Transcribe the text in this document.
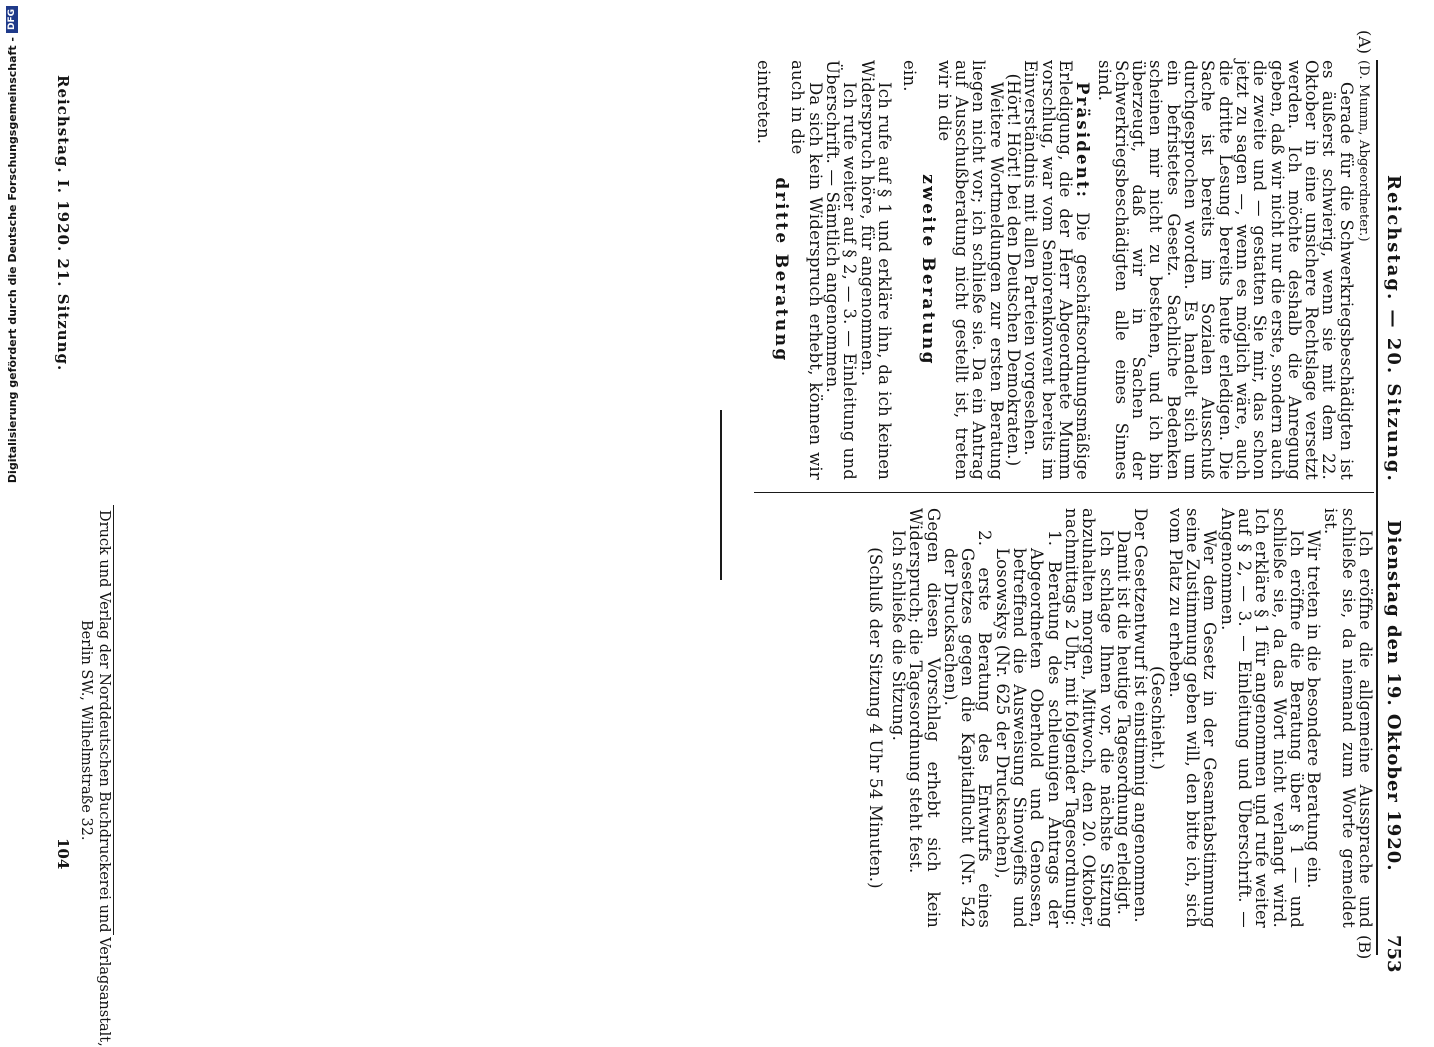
Reichstag. — 20. Sitzung.
Dienstag den 19. Oktober 1920.
753
(A)
(B)

(D. Mumm, Abgeordneter.)

Gerade für die Schwerkriegsbeschädigten ist es äußerst schwierig, wenn sie mit dem 22. Oktober in eine unsichere Rechtslage versetzt werden. Ich möchte deshalb die Anregung geben, daß wir nicht nur die erste, sondern auch die zweite und — gestatten Sie mir, das schon jetzt zu sagen —, wenn es möglich wäre, auch die dritte Lesung bereits heute erledigen. Die Sache ist bereits im Sozialen Ausschuß durchgesprochen worden. Es handelt sich um ein befristetes Gesetz. Sachliche Bedenken scheinen mir nicht zu bestehen, und ich bin überzeugt, daß wir in Sachen der Schwerkriegsbeschädigten alle eines Sinnes sind.

Präsident: Die geschäftsordnungsmäßige Erledigung, die der Herr Abgeordnete Mumm vorschlug, war vom Seniorenkonvent bereits im Einverständnis mit allen Parteien vorgesehen.

(Hört! Hört! bei den Deutschen Demokraten.)

Weitere Wortmeldungen zur ersten Beratung liegen nicht vor; ich schließe sie. Da ein Antrag auf Ausschußberatung nicht gestellt ist, treten wir in die

zweite Beratung

ein.

Ich rufe auf § 1 und erkläre ihn, da ich keinen Widerspruch höre, für angenommen.

Ich rufe weiter auf § 2, — 3. — Einleitung und Überschrift. — Sämtlich angenommen.

Da sich kein Widerspruch erhebt, können wir auch in die

dritte Beratung

eintreten.

Ich eröffne die allgemeine Aussprache und schließe sie, da niemand zum Worte gemeldet ist.

Wir treten in die besondere Beratung ein.

Ich eröffne die Beratung über § 1 — und schließe sie, da das Wort nicht verlangt wird. Ich erkläre § 1 für angenommen und rufe weiter auf § 2, — 3. — Einleitung und Überschrift. — Angenommen.

Wer dem Gesetz in der Gesamtabstimmung seine Zustimmung geben will, den bitte ich, sich vom Platz zu erheben.

(Geschieht.)

Der Gesetzentwurf ist einstimmig angenommen.

Damit ist die heutige Tagesordnung erledigt.

Ich schlage Ihnen vor, die nächste Sitzung abzuhalten morgen, Mittwoch, den 20. Oktober, nachmittags 2 Uhr, mit folgender Tagesordnung:

1. Beratung des schleunigen Antrags der Abgeordneten Oberhold und Genossen, betreffend die Ausweisung Sinowjeffs und Losowskys (Nr. 625 der Drucksachen),

2. erste Beratung des Entwurfs eines Gesetzes gegen die Kapitalflucht (Nr. 542 der Drucksachen).

Gegen diesen Vorschlag erhebt sich kein Widerspruch; die Tagesordnung steht fest.

Ich schließe die Sitzung.

(Schluß der Sitzung 4 Uhr 54 Minuten.)

Druck und Verlag der Norddeutschen Buchdruckerei und Verlagsanstalt,
Berlin SW., Wilhelmstraße 32.
Reichstag. I. 1920. 21. Sitzung.
104
Digitalisierung gefördert durch die Deutsche Forschungsgemeinschaft -
DFG
